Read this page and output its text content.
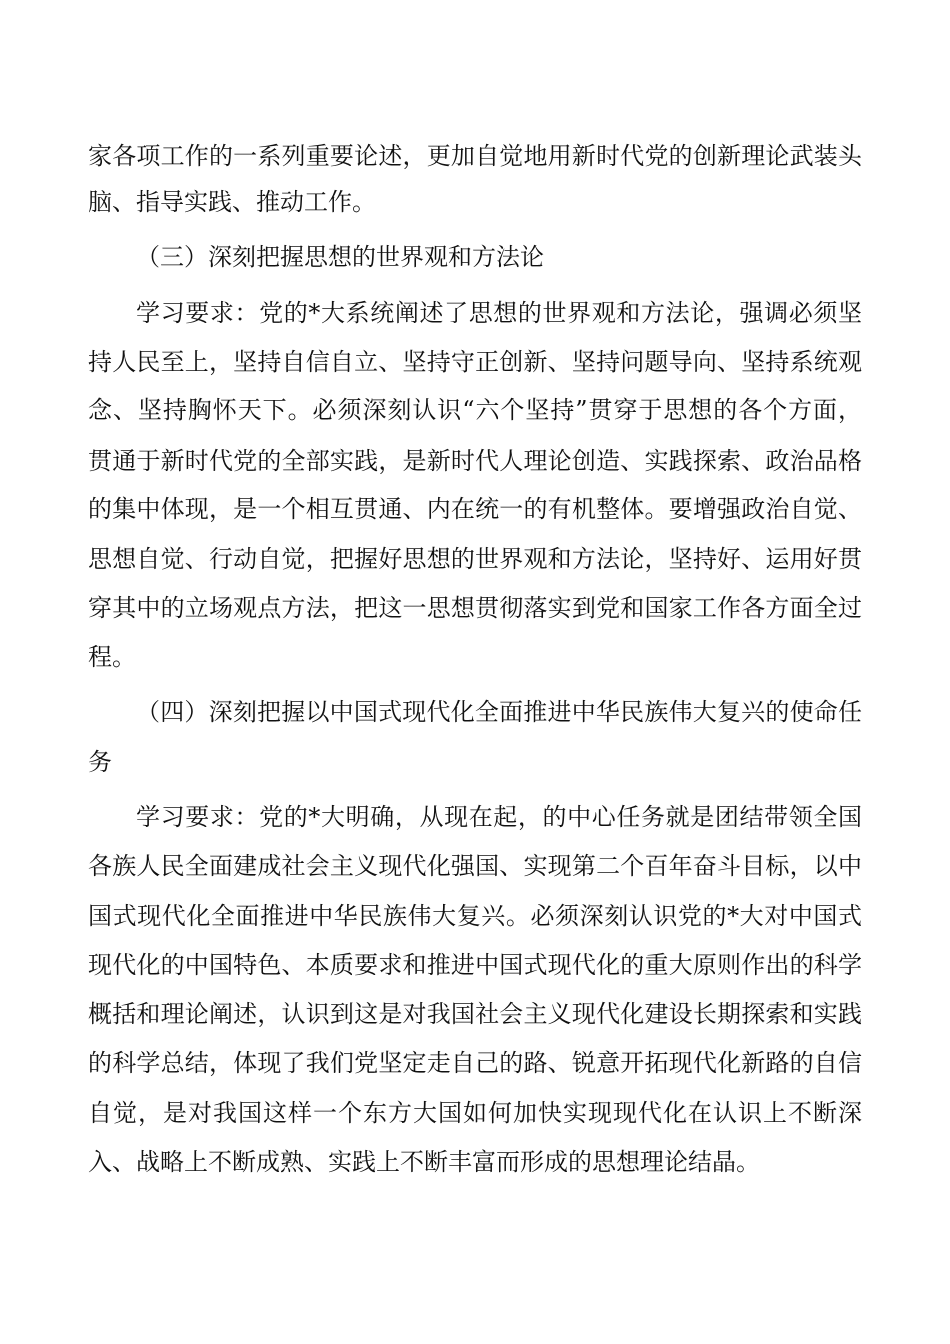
家各项工作的一系列重要论述，更加自觉地用新时代党的创新理论武装头
脑、指导实践、推动工作。
（三）深刻把握思想的世界观和方法论
学习要求：党的*大系统阐述了思想的世界观和方法论，强调必须坚
持人民至上，坚持自信自立、坚持守正创新、坚持问题导向、坚持系统观
念、坚持胸怀天下。必须深刻认识“六个坚持”贯穿于思想的各个方面，
贯通于新时代党的全部实践，是新时代人理论创造、实践探索、政治品格
的集中体现，是一个相互贯通、内在统一的有机整体。要增强政治自觉、
思想自觉、行动自觉，把握好思想的世界观和方法论，坚持好、运用好贯
穿其中的立场观点方法，把这一思想贯彻落实到党和国家工作各方面全过
程。
（四）深刻把握以中国式现代化全面推进中华民族伟大复兴的使命任
务
学习要求：党的*大明确，从现在起，的中心任务就是团结带领全国
各族人民全面建成社会主义现代化强国、实现第二个百年奋斗目标，以中
国式现代化全面推进中华民族伟大复兴。必须深刻认识党的*大对中国式
现代化的中国特色、本质要求和推进中国式现代化的重大原则作出的科学
概括和理论阐述，认识到这是对我国社会主义现代化建设长期探索和实践
的科学总结，体现了我们党坚定走自己的路、锐意开拓现代化新路的自信
自觉，是对我国这样一个东方大国如何加快实现现代化在认识上不断深
入、战略上不断成熟、实践上不断丰富而形成的思想理论结晶。
